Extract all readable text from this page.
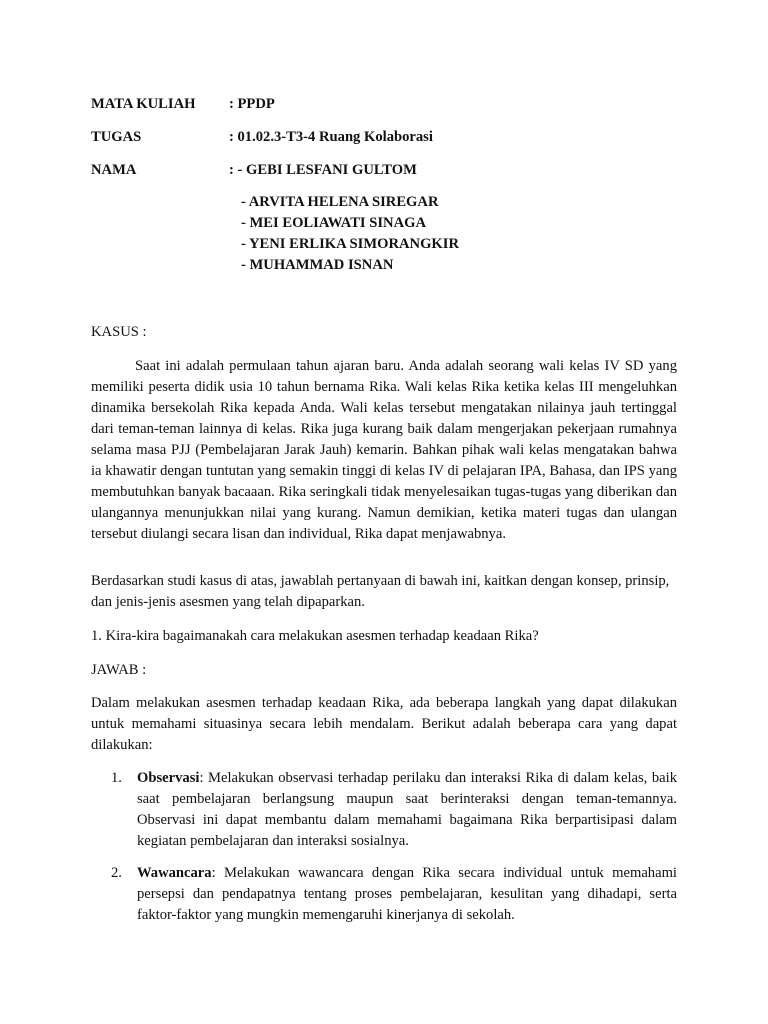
MATA KULIAH : PPDP
TUGAS	: 01.02.3-T3-4 Ruang Kolaborasi
NAMA	: - GEBI LESFANI GULTOM
- ARVITA HELENA SIREGAR
- MEI EOLIAWATI SINAGA
- YENI ERLIKA SIMORANGKIR
- MUHAMMAD ISNAN
KASUS :
Saat ini adalah permulaan tahun ajaran baru. Anda adalah seorang wali kelas IV SD yang memiliki peserta didik usia 10 tahun bernama Rika. Wali kelas Rika ketika kelas III mengeluhkan dinamika bersekolah Rika kepada Anda. Wali kelas tersebut mengatakan nilainya jauh tertinggal dari teman-teman lainnya di kelas. Rika juga kurang baik dalam mengerjakan pekerjaan rumahnya selama masa PJJ (Pembelajaran Jarak Jauh) kemarin. Bahkan pihak wali kelas mengatakan bahwa ia khawatir dengan tuntutan yang semakin tinggi di kelas IV di pelajaran IPA, Bahasa, dan IPS yang membutuhkan banyak bacaaan. Rika seringkali tidak menyelesaikan tugas-tugas yang diberikan dan ulangannya menunjukkan nilai yang kurang. Namun demikian, ketika materi tugas dan ulangan tersebut diulangi secara lisan dan individual, Rika dapat menjawabnya.
Berdasarkan studi kasus di atas, jawablah pertanyaan di bawah ini, kaitkan dengan konsep, prinsip, dan jenis-jenis asesmen yang telah dipaparkan.
1. Kira-kira bagaimanakah cara melakukan asesmen terhadap keadaan Rika?
JAWAB :
Dalam melakukan asesmen terhadap keadaan Rika, ada beberapa langkah yang dapat dilakukan untuk memahami situasinya secara lebih mendalam. Berikut adalah beberapa cara yang dapat dilakukan:
1. Observasi: Melakukan observasi terhadap perilaku dan interaksi Rika di dalam kelas, baik saat pembelajaran berlangsung maupun saat berinteraksi dengan teman-temannya. Observasi ini dapat membantu dalam memahami bagaimana Rika berpartisipasi dalam kegiatan pembelajaran dan interaksi sosialnya.
2. Wawancara: Melakukan wawancara dengan Rika secara individual untuk memahami persepsi dan pendapatnya tentang proses pembelajaran, kesulitan yang dihadapi, serta faktor-faktor yang mungkin memengaruhi kinerjanya di sekolah.
